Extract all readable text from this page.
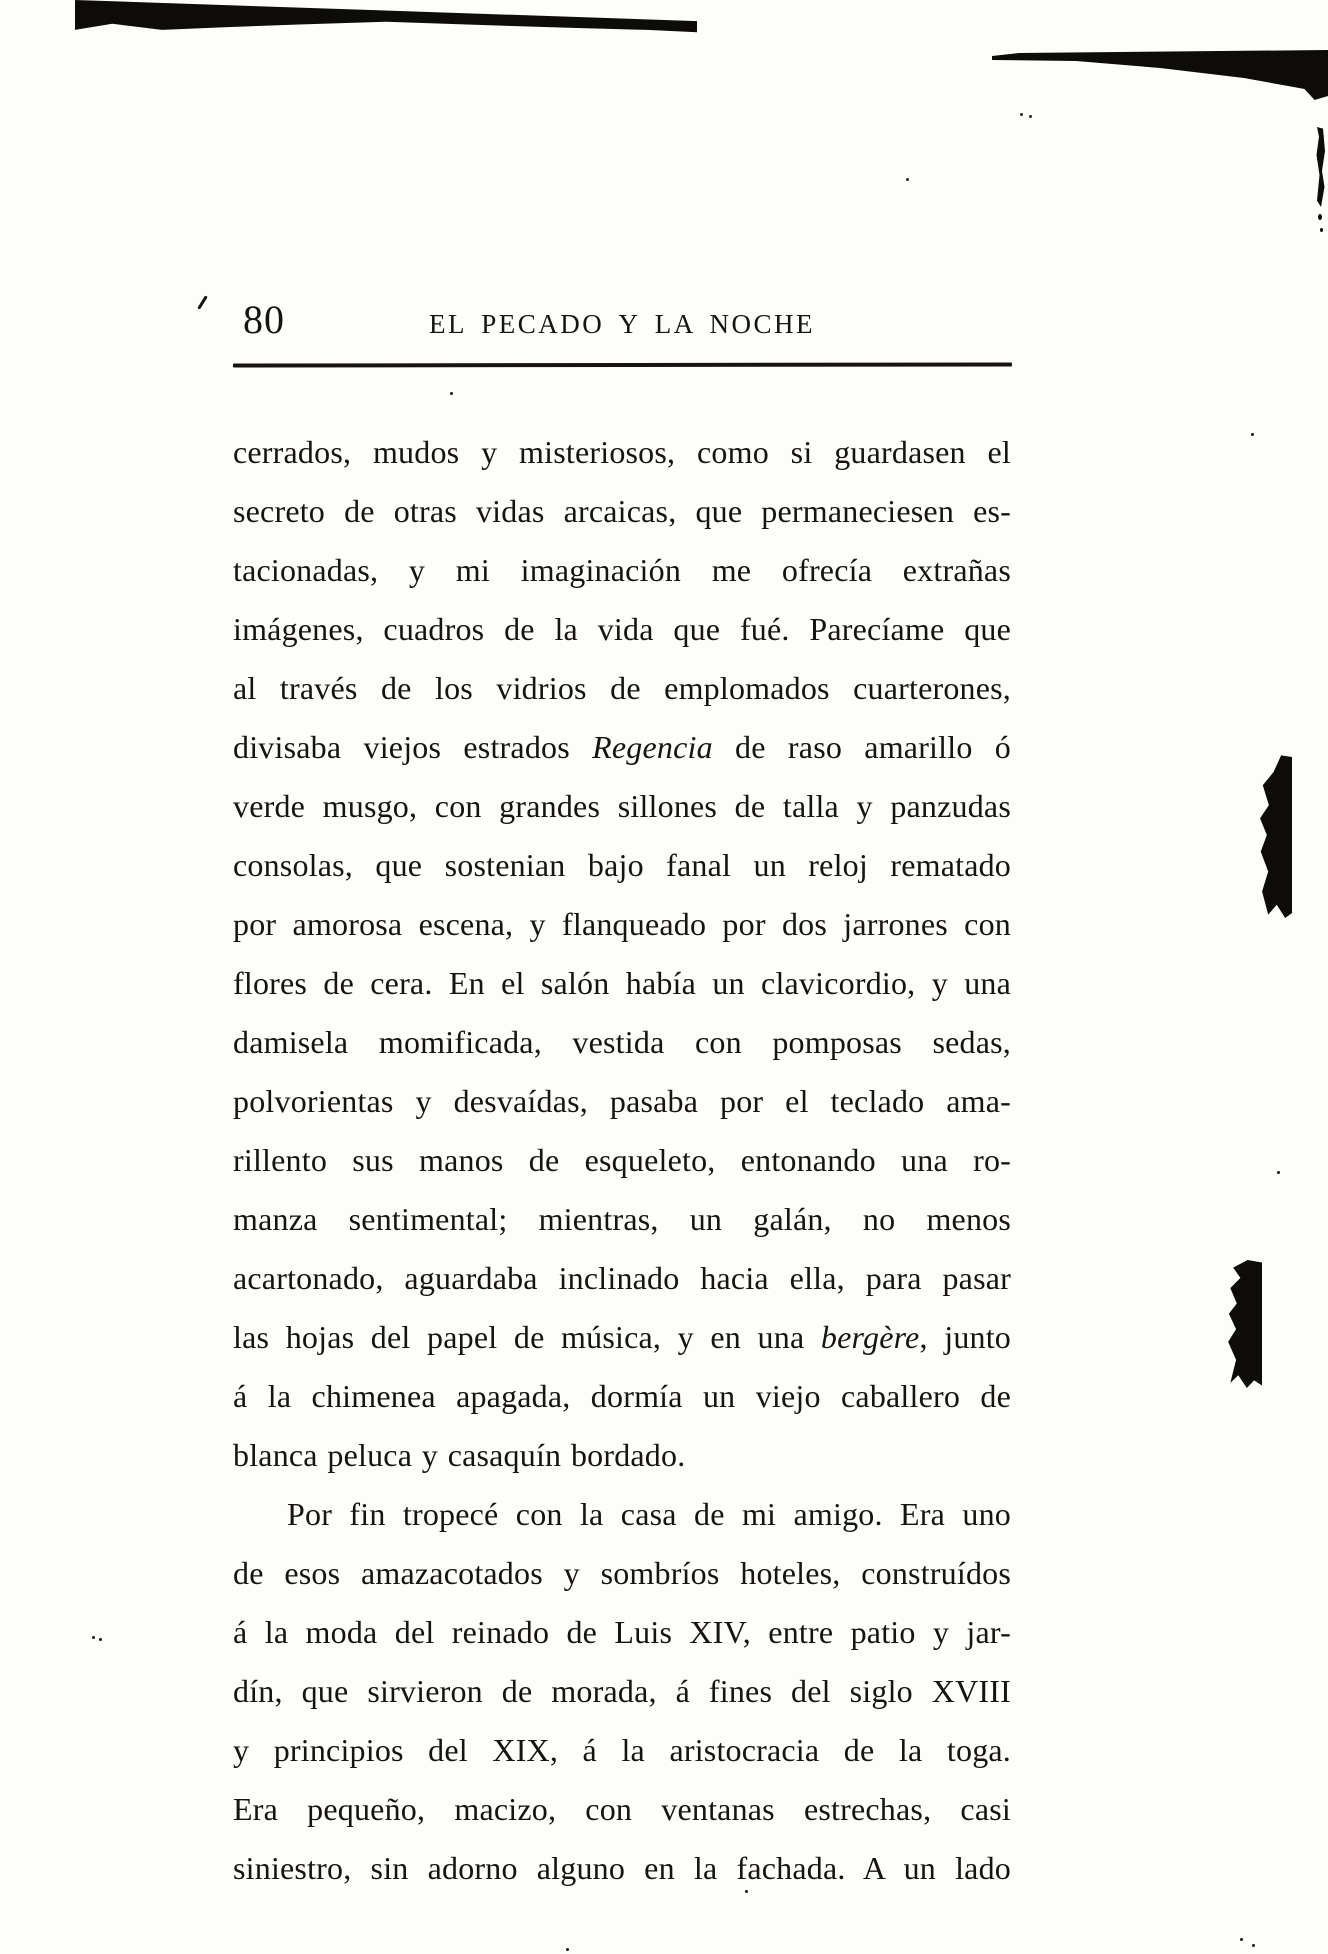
80	EL PECADO Y LA NOCHE
cerrados, mudos y misteriosos, como si guardasen el
secreto de otras vidas arcaicas, que permaneciesen es-
tacionadas, y mi imaginación me ofrecía extrañas
imágenes, cuadros de la vida que fué. Parecíame que
al través de los vidrios de emplomados cuarterones,
divisaba viejos estrados Regencia de raso amarillo ó
verde musgo, con grandes sillones de talla y panzudas
consolas, que sostenian bajo fanal un reloj rematado
por amorosa escena, y flanqueado por dos jarrones con
flores de cera. En el salón había un clavicordio, y una
damisela momificada, vestida con pomposas sedas,
polvorientas y desvaídas, pasaba por el teclado ama-
rillento sus manos de esqueleto, entonando una ro-
manza sentimental; mientras, un galán, no menos
acartonado, aguardaba inclinado hacia ella, para pasar
las hojas del papel de música, y en una bergère, junto
á la chimenea apagada, dormía un viejo caballero de
blanca peluca y casaquín bordado.
Por fin tropecé con la casa de mi amigo. Era uno
de esos amazacotados y sombríos hoteles, construídos
á la moda del reinado de Luis XIV, entre patio y jar-
dín, que sirvieron de morada, á fines del siglo XVIII
y principios del XIX, á la aristocracia de la toga.
Era pequeño, macizo, con ventanas estrechas, casi
siniestro, sin adorno alguno en la fachada. A un lado
